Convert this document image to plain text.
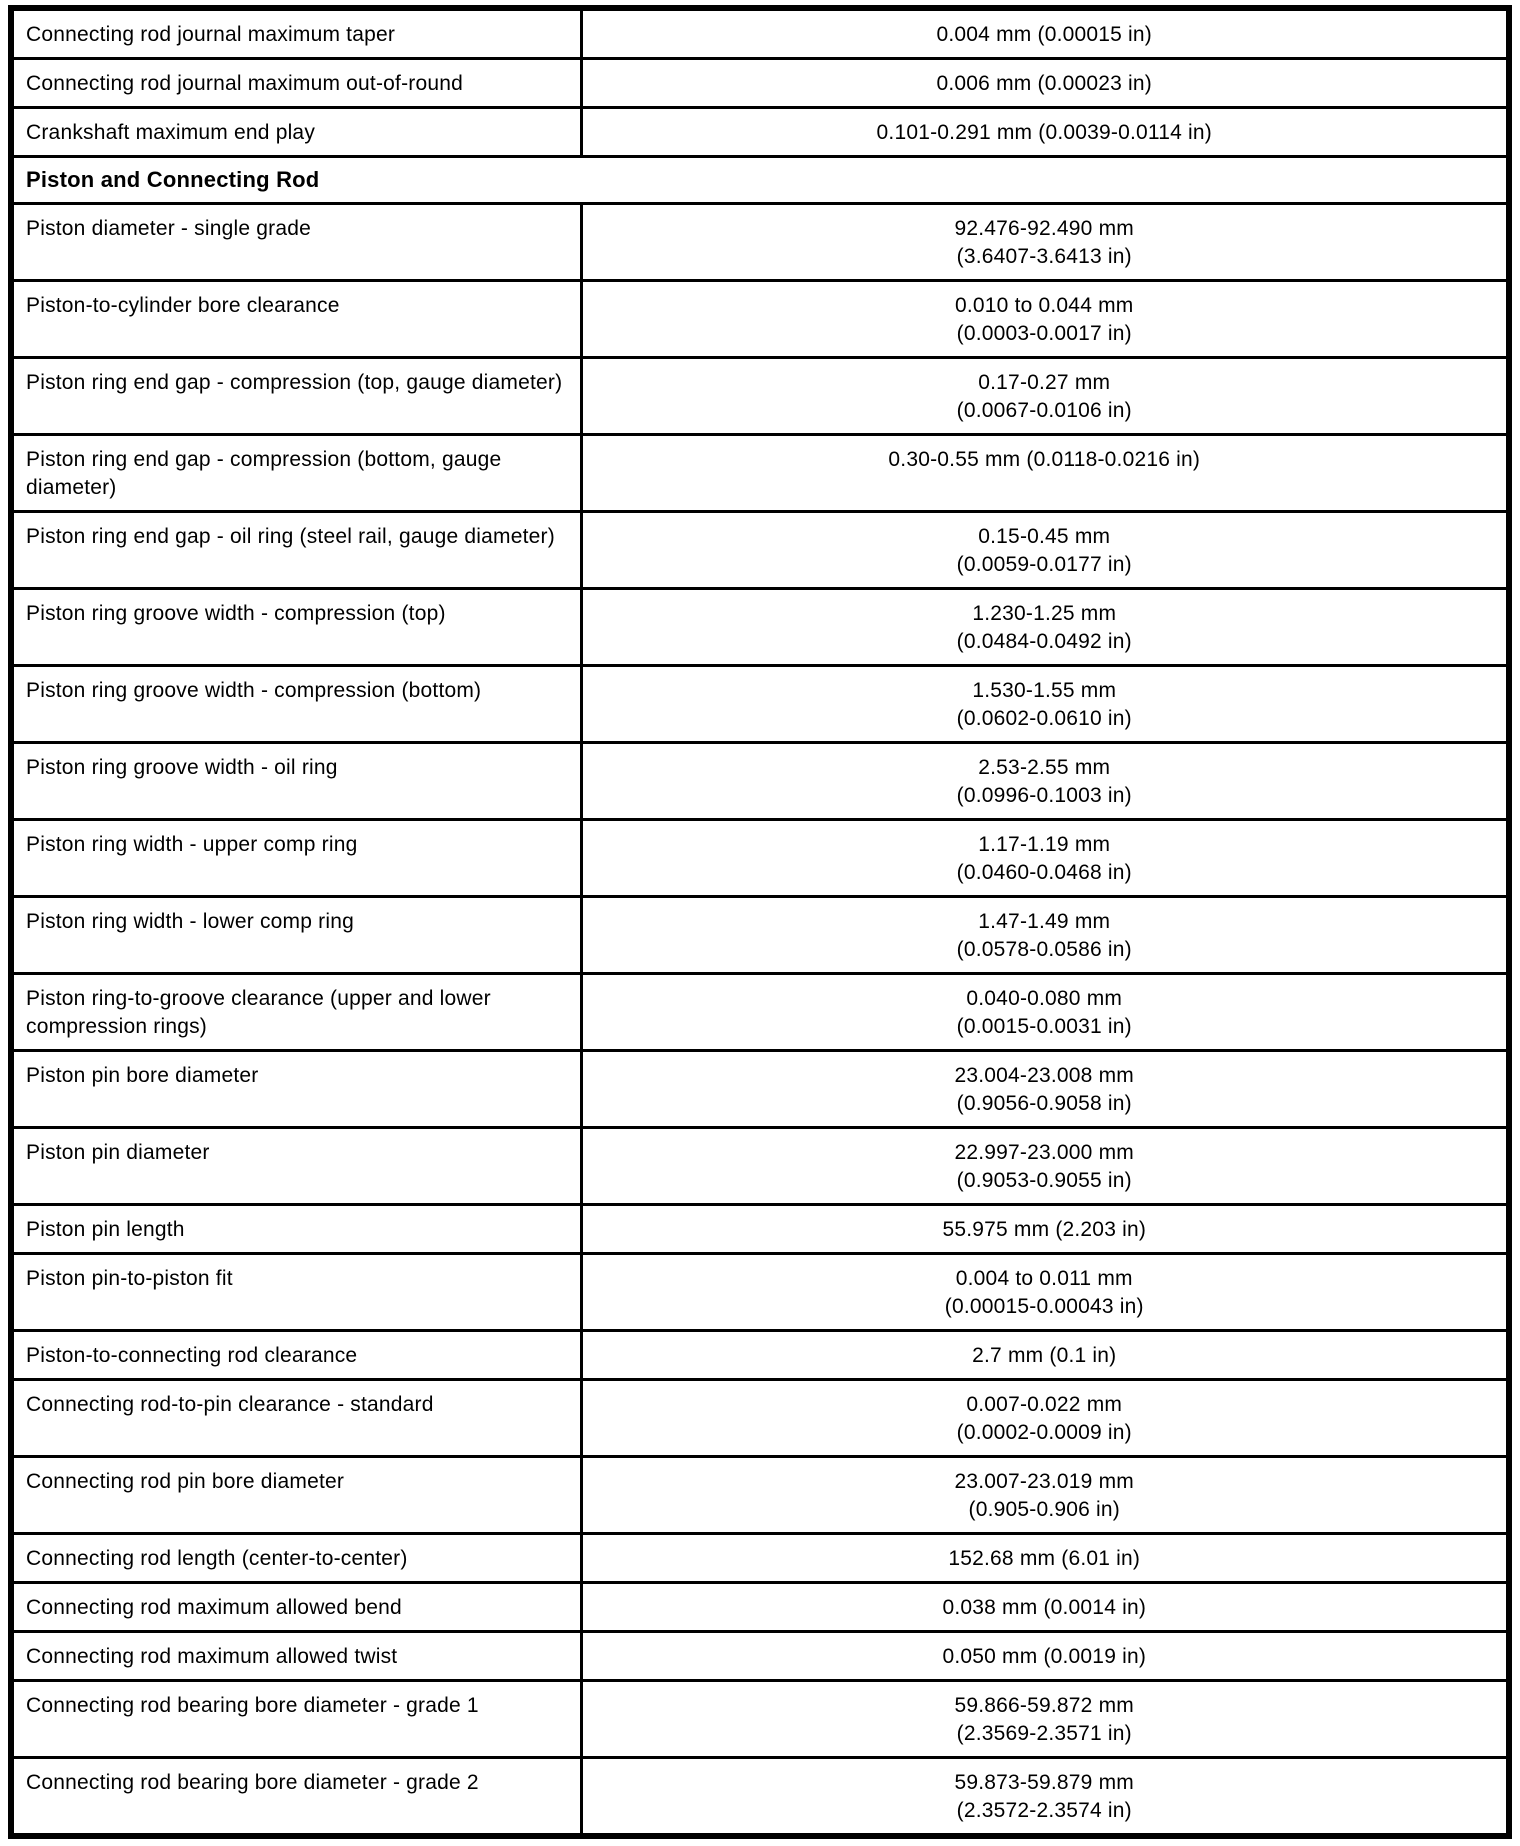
Connecting rod journal maximum taper	0.004 mm (0.00015 in)

Connecting rod journal maximum out-of-round	0.006 mm (0.00023 in)

Crankshaft maximum end play	0.101-0.291 mm (0.0039-0.0114 in)

Piston and Connecting Rod	
Piston diameter - single grade	92.476-92.490 mm
(3.6407-3.6413 in)

Piston-to-cylinder bore clearance	0.010 to 0.044 mm
(0.0003-0.0017 in)

Piston ring end gap - compression (top, gauge diameter)	0.17-0.27 mm
(0.0067-0.0106 in)

Piston ring end gap - compression (bottom, gauge diameter)	0.30-0.55 mm (0.0118-0.0216 in)

Piston ring end gap - oil ring (steel rail, gauge diameter)	0.15-0.45 mm
(0.0059-0.0177 in)

Piston ring groove width - compression (top)	1.230-1.25 mm
(0.0484-0.0492 in)

Piston ring groove width - compression (bottom)	1.530-1.55 mm
(0.0602-0.0610 in)

Piston ring groove width - oil ring	2.53-2.55 mm
(0.0996-0.1003 in)

Piston ring width - upper comp ring	1.17-1.19 mm
(0.0460-0.0468 in)

Piston ring width - lower comp ring	1.47-1.49 mm
(0.0578-0.0586 in)

Piston ring-to-groove clearance (upper and lower compression rings)	0.040-0.080 mm
(0.0015-0.0031 in)

Piston pin bore diameter	23.004-23.008 mm
(0.9056-0.9058 in)

Piston pin diameter	22.997-23.000 mm
(0.9053-0.9055 in)

Piston pin length	55.975 mm (2.203 in)

Piston pin-to-piston fit	0.004 to 0.011 mm
(0.00015-0.00043 in)

Piston-to-connecting rod clearance	2.7 mm (0.1 in)

Connecting rod-to-pin clearance - standard	0.007-0.022 mm
(0.0002-0.0009 in)

Connecting rod pin bore diameter	23.007-23.019 mm
(0.905-0.906 in)

Connecting rod length (center-to-center)	152.68 mm (6.01 in)

Connecting rod maximum allowed bend	0.038 mm (0.0014 in)

Connecting rod maximum allowed twist	0.050 mm (0.0019 in)

Connecting rod bearing bore diameter - grade 1	59.866-59.872 mm
(2.3569-2.3571 in)

Connecting rod bearing bore diameter - grade 2	59.873-59.879 mm
(2.3572-2.3574 in)
